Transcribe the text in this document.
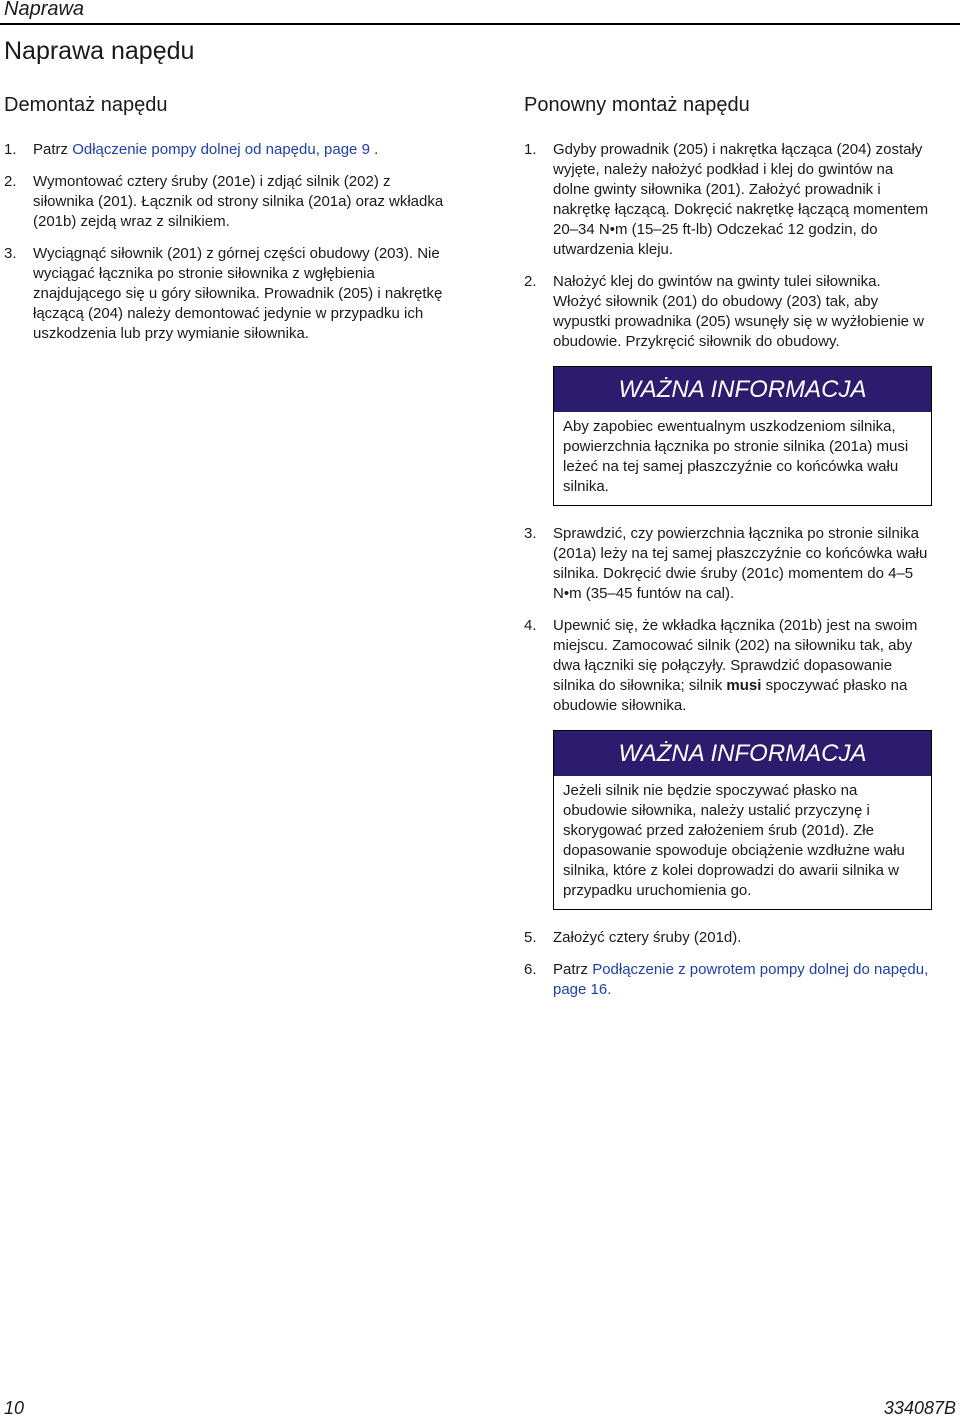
Naprawa
Naprawa napędu
Demontaż napędu
1. Patrz Odłączenie pompy dolnej od napędu, page 9 .
2. Wymontować cztery śruby (201e) i zdjąć silnik (202) z siłownika (201). Łącznik od strony silnika (201a) oraz wkładka (201b) zejdą wraz z silnikiem.
3. Wyciągnąć siłownik (201) z górnej części obudowy (203). Nie wyciągać łącznika po stronie siłownika z wgłębienia znajdującego się u góry siłownika. Prowadnik (205) i nakrętkę łączącą (204) należy demontować jedynie w przypadku ich uszkodzenia lub przy wymianie siłownika.
Ponowny montaż napędu
1. Gdyby prowadnik (205) i nakrętka łącząca (204) zostały wyjęte, należy nałożyć podkład i klej do gwintów na dolne gwinty siłownika (201). Założyć prowadnik i nakrętkę łączącą. Dokręcić nakrętkę łączącą momentem 20–34 N•m (15–25 ft-lb) Odczekać 12 godzin, do utwardzenia kleju.
2. Nałożyć klej do gwintów na gwinty tulei siłownika. Włożyć siłownik (201) do obudowy (203) tak, aby wypustki prowadnika (205) wsunęły się w wyżłobienie w obudowie. Przykręcić siłownik do obudowy.
WAŻNA INFORMACJA
Aby zapobiec ewentualnym uszkodzeniom silnika, powierzchnia łącznika po stronie silnika (201a) musi leżeć na tej samej płaszczyźnie co końcówka wału silnika.
3. Sprawdzić, czy powierzchnia łącznika po stronie silnika (201a) leży na tej samej płaszczyźnie co końcówka wału silnika. Dokręcić dwie śruby (201c) momentem do 4–5 N•m (35–45 funtów na cal).
4. Upewnić się, że wkładka łącznika (201b) jest na swoim miejscu. Zamocować silnik (202) na siłowniku tak, aby dwa łączniki się połączyły. Sprawdzić dopasowanie silnika do siłownika; silnik musi spoczywać płasko na obudowie siłownika.
WAŻNA INFORMACJA
Jeżeli silnik nie będzie spoczywać płasko na obudowie siłownika, należy ustalić przyczynę i skorygować przed założeniem śrub (201d). Złe dopasowanie spowoduje obciążenie wzdłużne wału silnika, które z kolei doprowadzi do awarii silnika w przypadku uruchomienia go.
5. Założyć cztery śruby (201d).
6. Patrz Podłączenie z powrotem pompy dolnej do napędu, page 16.
10	334087B
